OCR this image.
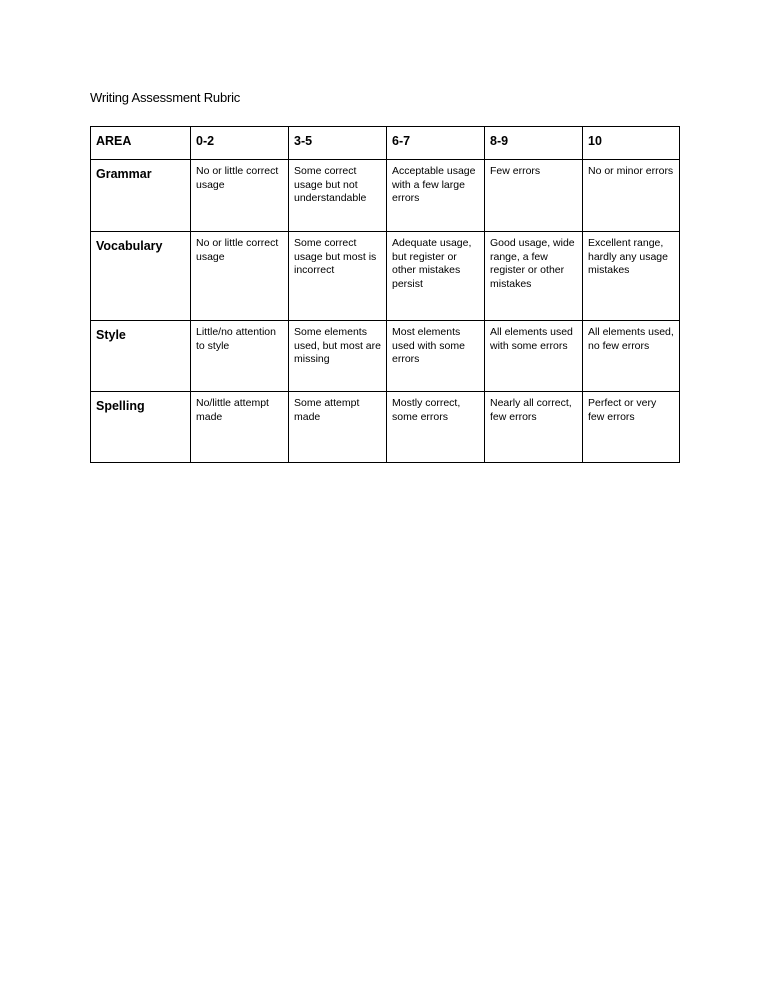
Writing Assessment Rubric
AREA	0-2	3-5	6-7	8-9	10
Grammar	No or little correct usage	Some correct usage but not understandable	Acceptable usage with a few large errors	Few errors	No or minor errors
Vocabulary	No or little correct usage	Some correct usage but most is incorrect	Adequate usage, but register or other mistakes persist	Good usage, wide range, a few register or other mistakes	Excellent range, hardly any usage mistakes
Style	Little/no attention to style	Some elements used, but most are missing	Most elements used with some errors	All elements used with some errors	All elements used, no few errors
Spelling	No/little attempt made	Some attempt made	Mostly correct, some errors	Nearly all correct, few errors	Perfect or very few errors
